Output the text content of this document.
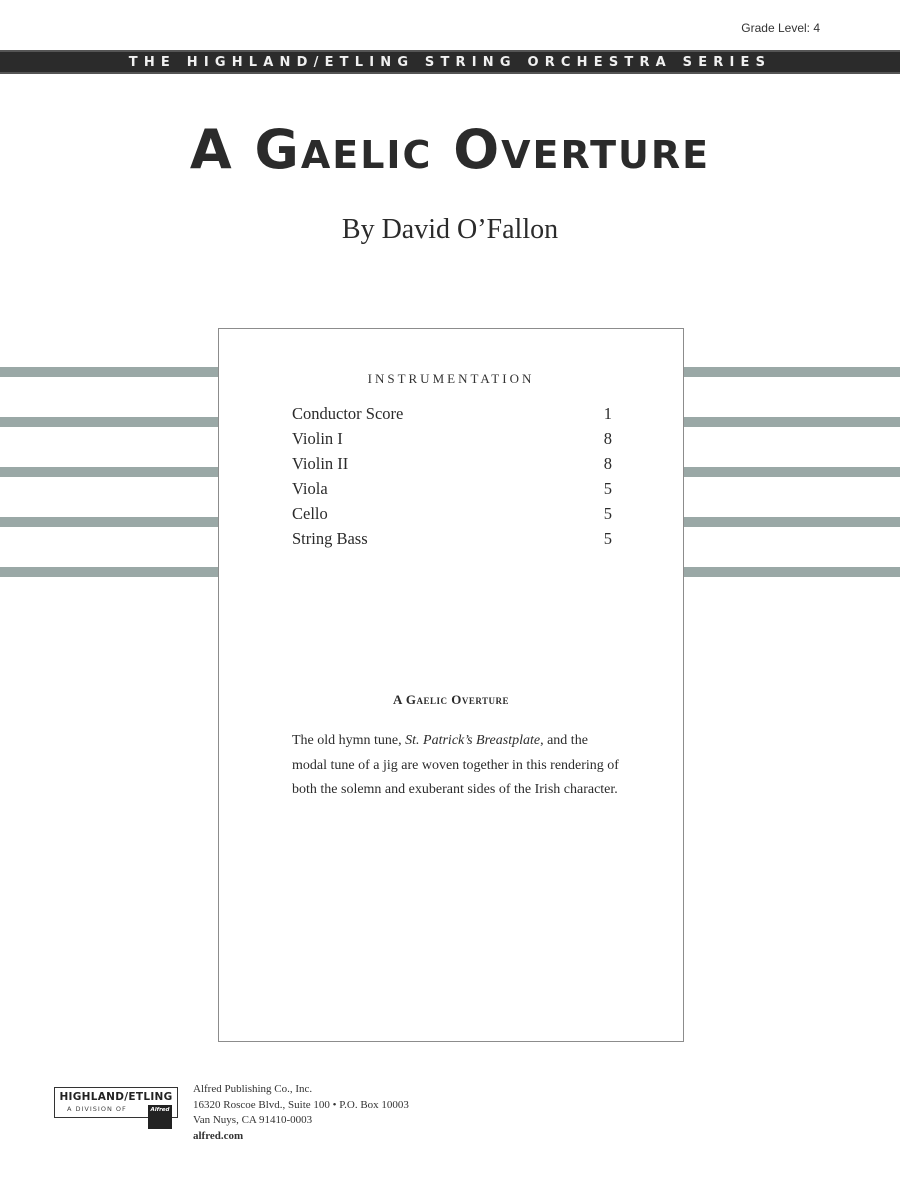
Grade Level: 4
THE HIGHLAND/ETLING STRING ORCHESTRA SERIES
A Gaelic Overture
By David O’Fallon
INSTRUMENTATION
Conductor Score	1
Violin I	8
Violin II	8
Viola	5
Cello	5
String Bass	5
A Gaelic Overture
The old hymn tune, St. Patrick’s Breastplate, and the modal tune of a jig are woven together in this rendering of both the solemn and exuberant sides of the Irish character.
HIGHLAND/ETLING
A DIVISION OF	Alfred
Alfred Publishing Co., Inc.
16320 Roscoe Blvd., Suite 100 • P.O. Box 10003
Van Nuys, CA 91410-0003
alfred.com
